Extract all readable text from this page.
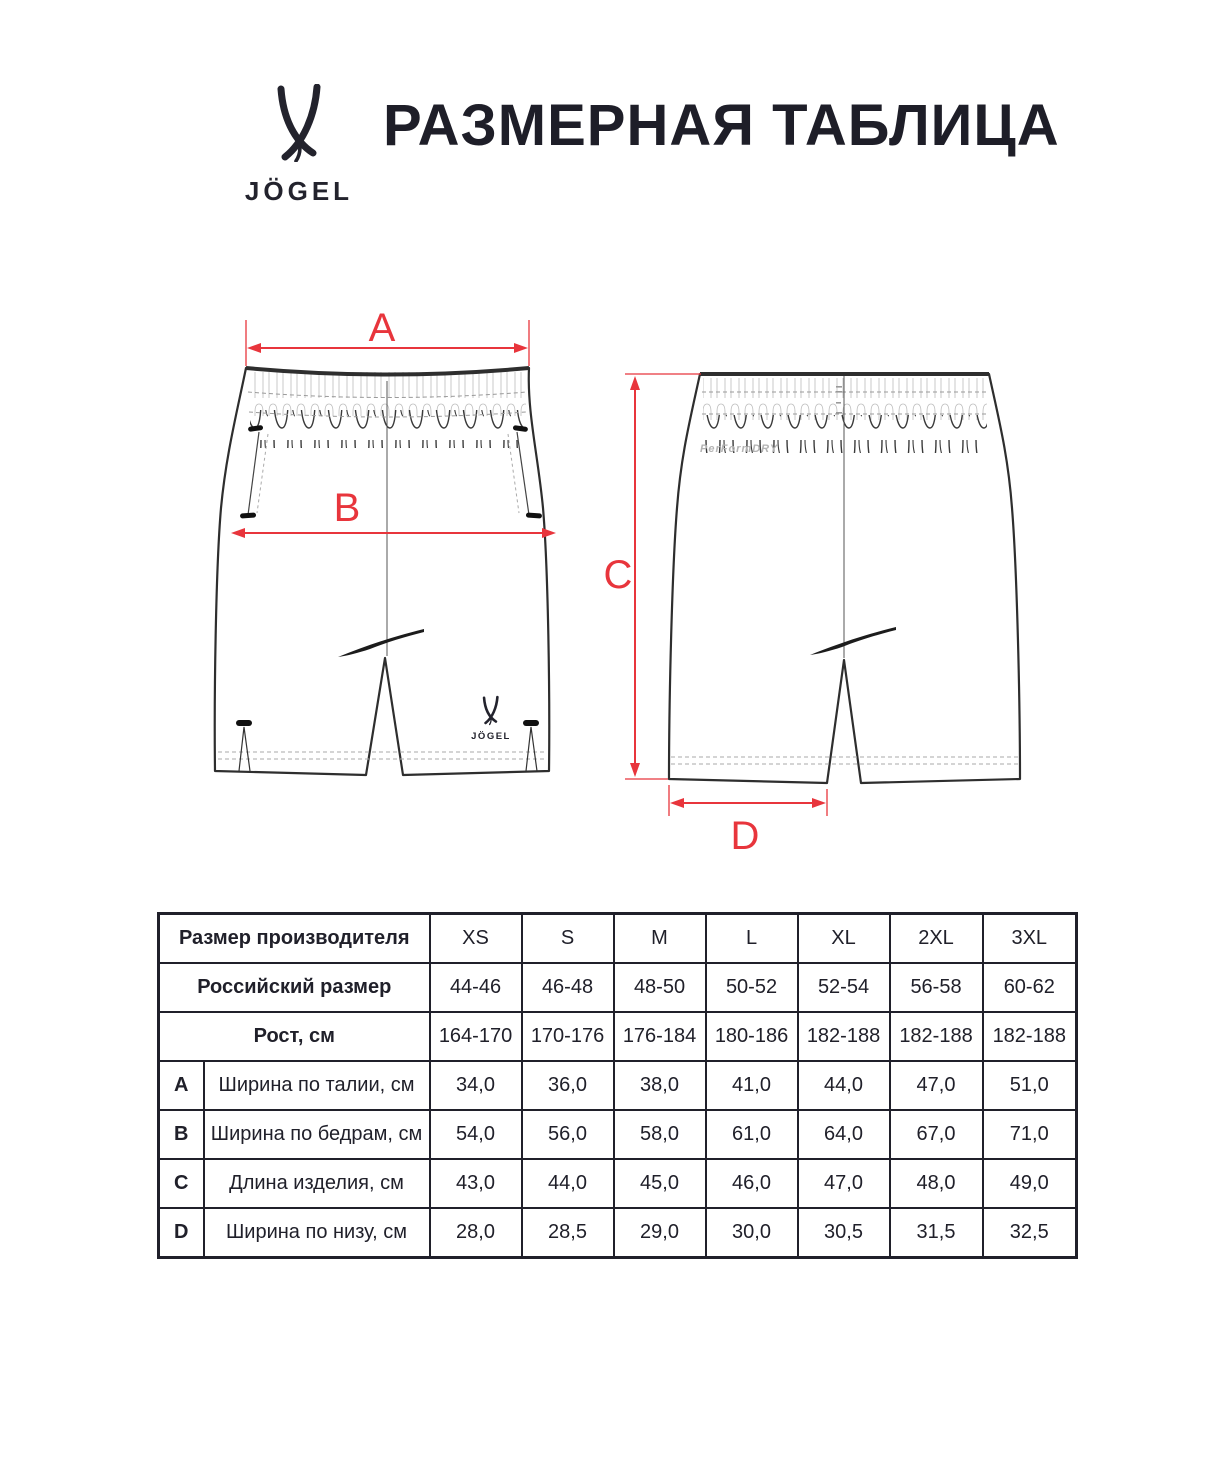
JÖGEL
РАЗМЕРНАЯ ТАБЛИЦА
JÖGEL
A
B
PerFormDRY
C
D
Размер производителя		XS	S	M	L	XL	2XL	3XL
Российский размер		44-46	46-48	48-50	50-52	52-54	56-58	60-62
Рост, см		164-170	170-176	176-184	180-186	182-188	182-188	182-188
A	Ширина по талии, см	34,0	36,0	38,0	41,0	44,0	47,0	51,0
B	Ширина по бедрам, см	54,0	56,0	58,0	61,0	64,0	67,0	71,0
C	Длина изделия, см	43,0	44,0	45,0	46,0	47,0	48,0	49,0
D	Ширина по низу, см	28,0	28,5	29,0	30,0	30,5	31,5	32,5
